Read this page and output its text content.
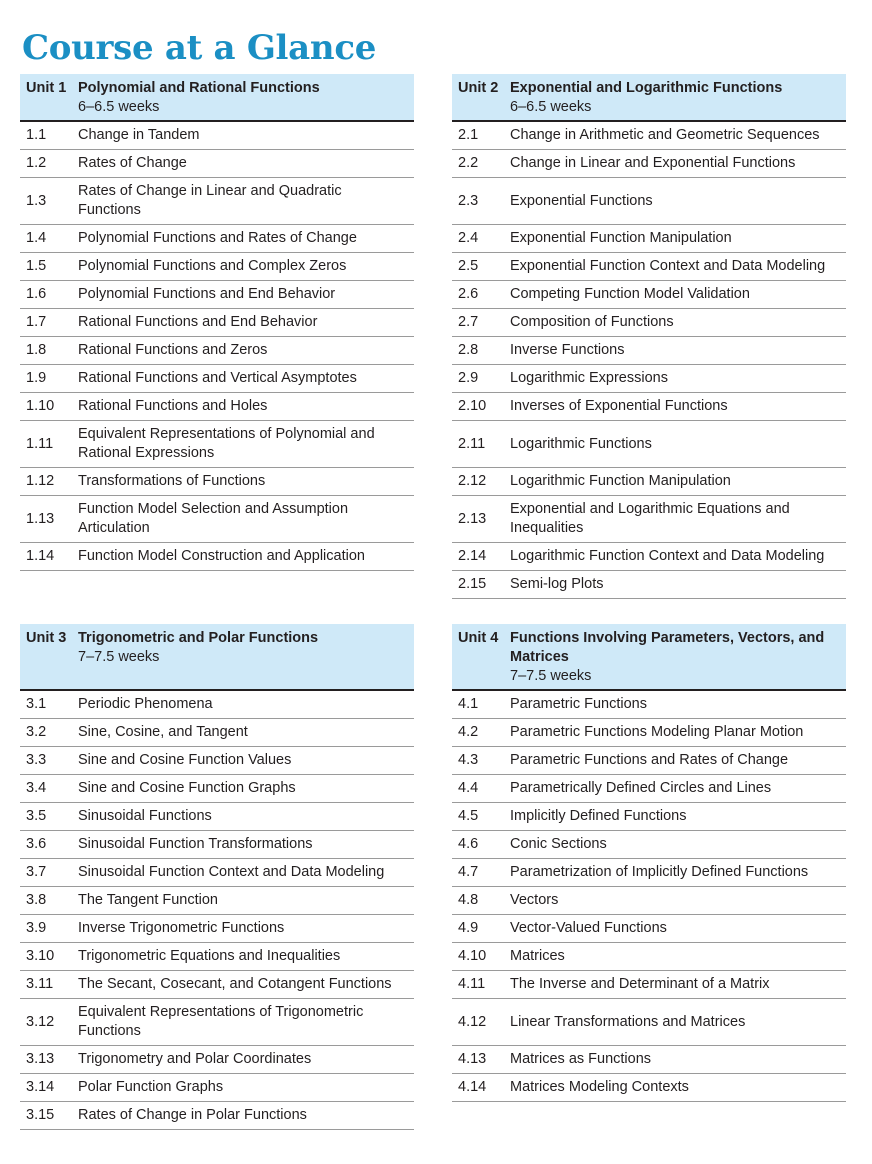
Course at a Glance
Unit 1 Polynomial and Rational Functions
6–6.5 weeks
1.1	Change in Tandem
1.2	Rates of Change
1.3
Rates of Change in Linear and Quadratic Functions
1.4	Polynomial Functions and Rates of Change
1.5	Polynomial Functions and Complex Zeros
1.6	Polynomial Functions and End Behavior
1.7	Rational Functions and End Behavior
1.8	Rational Functions and Zeros
1.9	Rational Functions and Vertical Asymptotes
1.10	Rational Functions and Holes
1.11
Equivalent Representations of Polynomial and Rational Expressions
1.12	Transformations of Functions
1.13
Function Model Selection and Assumption Articulation
1.14	Function Model Construction and Application
Unit 2 Exponential and Logarithmic Functions
6–6.5 weeks
2.1	Change in Arithmetic and Geometric Sequences
2.2	Change in Linear and Exponential Functions
2.3	Exponential Functions
2.4	Exponential Function Manipulation
2.5	Exponential Function Context and Data Modeling
2.6	Competing Function Model Validation
2.7	Composition of Functions
2.8	Inverse Functions
2.9	Logarithmic Expressions
2.10	Inverses of Exponential Functions
2.11	Logarithmic Functions
2.12	Logarithmic Function Manipulation
2.13
Exponential and Logarithmic Equations and Inequalities
2.14	Logarithmic Function Context and Data Modeling
2.15	Semi-log Plots
Unit 3 Trigonometric and Polar Functions
7–7.5 weeks
3.1	Periodic Phenomena
3.2	Sine, Cosine, and Tangent
3.3	Sine and Cosine Function Values
3.4	Sine and Cosine Function Graphs
3.5	Sinusoidal Functions
3.6	Sinusoidal Function Transformations
3.7	Sinusoidal Function Context and Data Modeling
3.8	The Tangent Function
3.9	Inverse Trigonometric Functions
3.10	Trigonometric Equations and Inequalities
3.11	The Secant, Cosecant, and Cotangent Functions
3.12
Equivalent Representations of Trigonometric Functions
3.13	Trigonometry and Polar Coordinates
3.14	Polar Function Graphs
3.15	Rates of Change in Polar Functions
Unit 4 Functions Involving Parameters, Vectors, and Matrices
7–7.5 weeks
4.1	Parametric Functions
4.2	Parametric Functions Modeling Planar Motion
4.3	Parametric Functions and Rates of Change
4.4	Parametrically Defined Circles and Lines
4.5	Implicitly Defined Functions
4.6	Conic Sections
4.7	Parametrization of Implicitly Defined Functions
4.8	Vectors
4.9	Vector-Valued Functions
4.10	Matrices
4.11	The Inverse and Determinant of a Matrix
4.12	Linear Transformations and Matrices
4.13	Matrices as Functions
4.14	Matrices Modeling Contexts
